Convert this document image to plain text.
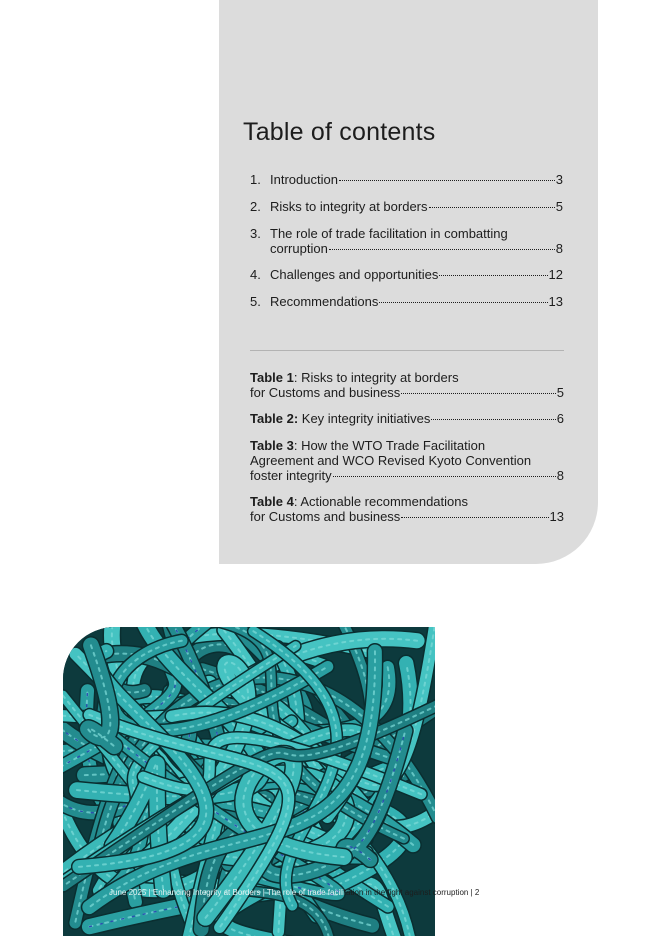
Table of contents
1. Introduction	3
2. Risks to integrity at borders	5
3. The role of trade facilitation in combatting
corruption	8
4. Challenges and opportunities	12
5. Recommendations	13
Table 1: Risks to integrity at borders
for Customs and business	5
Table 2: Key integrity initiatives	6
Table 3: How the WTO Trade Facilitation
Agreement and WCO Revised Kyoto Convention
foster integrity	8
Table 4: Actionable recommendations
for Customs and business	13
June 2025 | Enhancing Integrity at Borders | The role of trade facilitation in the fight against corruption | 2
